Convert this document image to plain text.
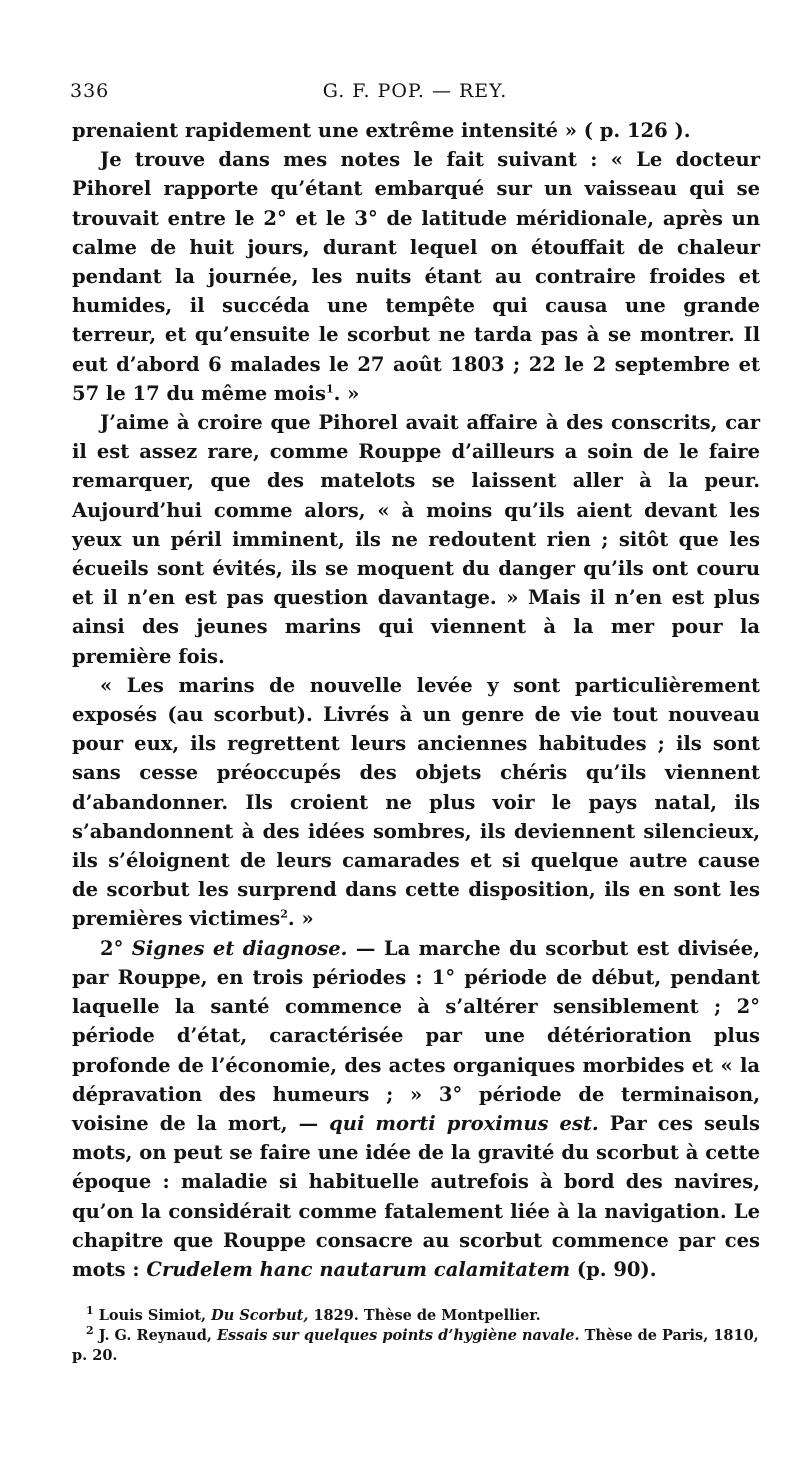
336	G. F. POP. — REY.

prenaient rapidement une extrême intensité » ( p. 126 ).

Je trouve dans mes notes le fait suivant : « Le docteur Pihorel rapporte qu’étant embarqué sur un vaisseau qui se trouvait entre le 2° et le 3° de latitude méridionale, après un calme de huit jours, durant lequel on étouffait de chaleur pendant la journée, les nuits étant au contraire froides et humides, il succéda une tempête qui causa une grande terreur, et qu’ensuite le scorbut ne tarda pas à se montrer. Il eut d’abord 6 malades le 27 août 1803 ; 22 le 2 septembre et 57 le 17 du même mois$^1$. »

J’aime à croire que Pihorel avait affaire à des conscrits, car il est assez rare, comme Rouppe d’ailleurs a soin de le faire remarquer, que des matelots se laissent aller à la peur. Aujourd’hui comme alors, « à moins qu’ils aient devant les yeux un péril imminent, ils ne redoutent rien ; sitôt que les écueils sont évités, ils se moquent du danger qu’ils ont couru et il n’en est pas question davantage. » Mais il n’en est plus ainsi des jeunes marins qui viennent à la mer pour la première fois.

« Les marins de nouvelle levée y sont particulièrement exposés (au scorbut). Livrés à un genre de vie tout nouveau pour eux, ils regrettent leurs anciennes habitudes ; ils sont sans cesse préoccupés des objets chéris qu’ils viennent d’abandonner. Ils croient ne plus voir le pays natal, ils s’abandonnent à des idées sombres, ils deviennent silencieux, ils s’éloignent de leurs camarades et si quelque autre cause de scorbut les surprend dans cette disposition, ils en sont les premières victimes$^2$. »

2° Signes et diagnose. — La marche du scorbut est divisée, par Rouppe, en trois périodes : 1° période de début, pendant laquelle la santé commence à s’altérer sensiblement ; 2° période d’état, caractérisée par une détérioration plus profonde de l’économie, des actes organiques morbides et « la dépravation des humeurs ; » 3° période de terminaison, voisine de la mort, — qui morti proximus est. Par ces seuls mots, on peut se faire une idée de la gravité du scorbut à cette époque : maladie si habituelle autrefois à bord des navires, qu’on la considérait comme fatalement liée à la navigation. Le chapitre que Rouppe consacre au scorbut commence par ces mots : Crudelem hanc nautarum calamitatem (p. 90).

$^1$ Louis Simiot, Du Scorbut, 1829. Thèse de Montpellier.

$^2$ J. G. Reynaud, Essais sur quelques points d’hygiène navale. Thèse de Paris, 1810, p. 20.
